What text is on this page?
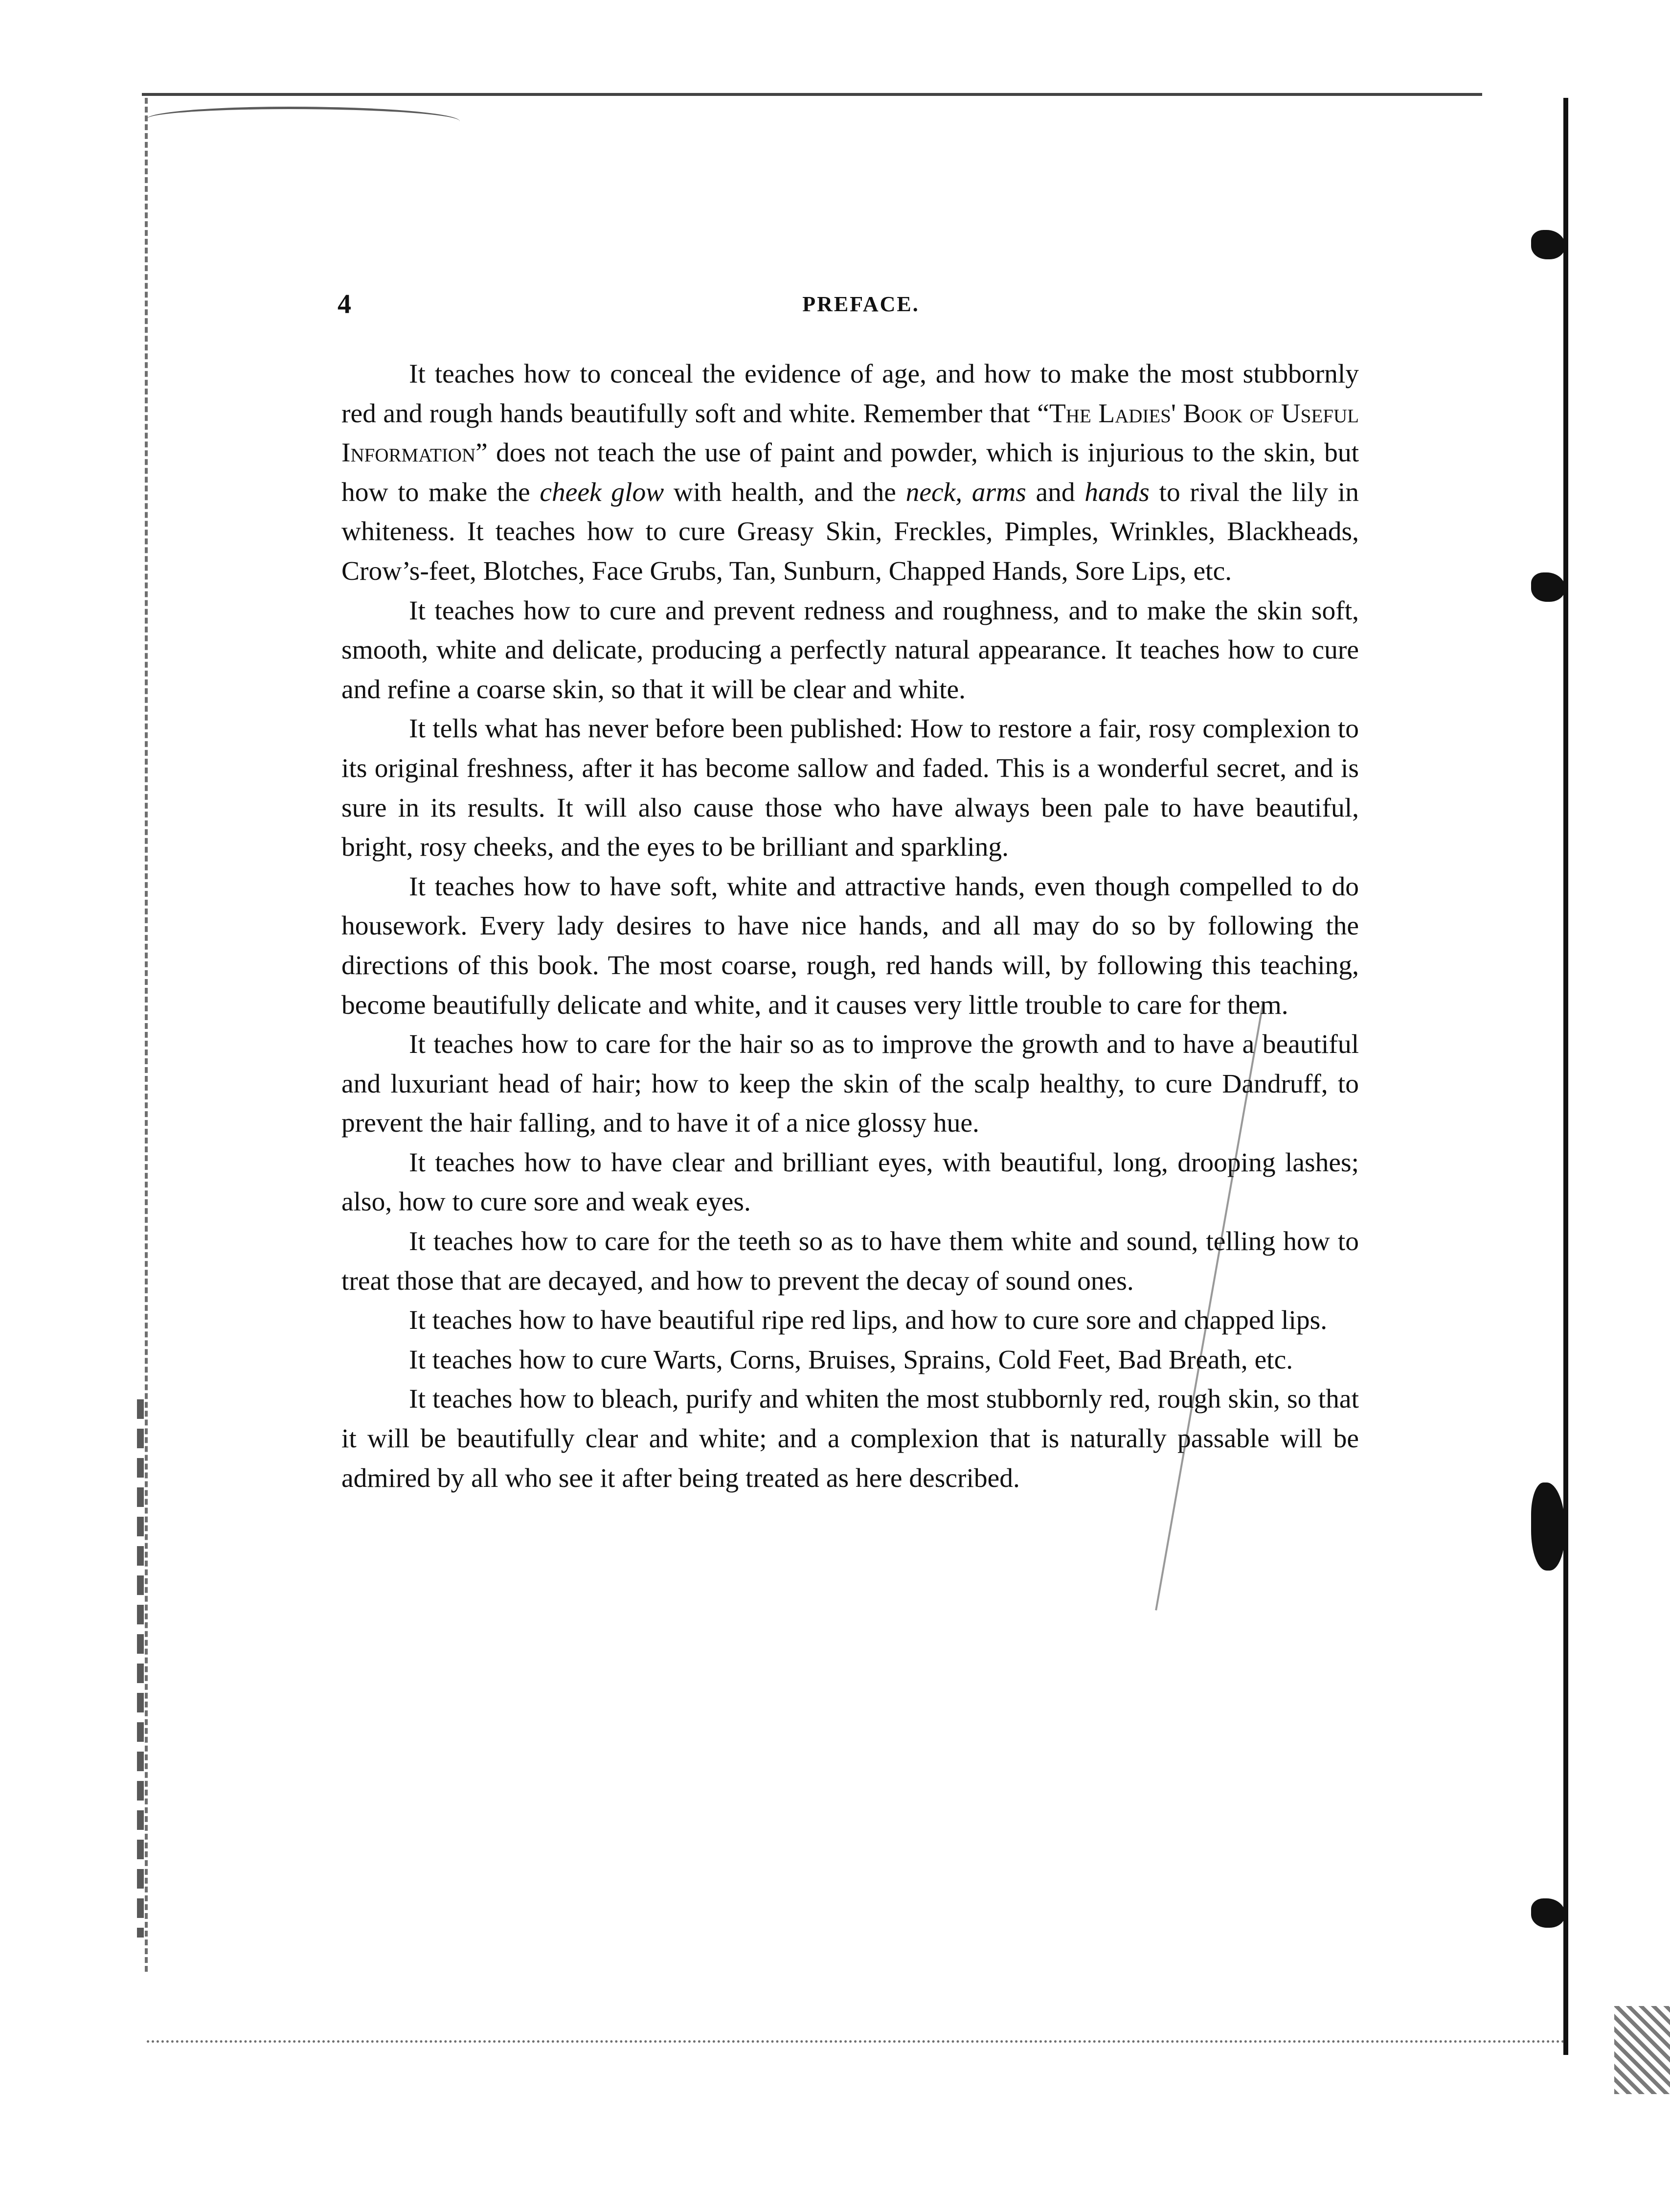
4	PREFACE.

It teaches how to conceal the evidence of age, and how to make the most stubbornly red and rough hands beautifully soft and white. Remember that “The Ladies' Book of Useful Information” does not teach the use of paint and powder, which is injurious to the skin, but how to make the cheek glow with health, and the neck, arms and hands to rival the lily in whiteness. It teaches how to cure Greasy Skin, Freckles, Pimples, Wrinkles, Blackheads, Crow’s-feet, Blotches, Face Grubs, Tan, Sunburn, Chapped Hands, Sore Lips, etc.

It teaches how to cure and prevent redness and roughness, and to make the skin soft, smooth, white and delicate, producing a perfectly natural appearance. It teaches how to cure and refine a coarse skin, so that it will be clear and white.

It tells what has never before been published: How to restore a fair, rosy complexion to its original freshness, after it has become sallow and faded. This is a wonderful secret, and is sure in its results. It will also cause those who have always been pale to have beautiful, bright, rosy cheeks, and the eyes to be brilliant and sparkling.

It teaches how to have soft, white and attractive hands, even though compelled to do housework. Every lady desires to have nice hands, and all may do so by following the directions of this book. The most coarse, rough, red hands will, by following this teaching, become beautifully delicate and white, and it causes very little trouble to care for them.

It teaches how to care for the hair so as to improve the growth and to have a beautiful and luxuriant head of hair; how to keep the skin of the scalp healthy, to cure Dandruff, to prevent the hair falling, and to have it of a nice glossy hue.

It teaches how to have clear and brilliant eyes, with beautiful, long, drooping lashes; also, how to cure sore and weak eyes.

It teaches how to care for the teeth so as to have them white and sound, telling how to treat those that are decayed, and how to prevent the decay of sound ones.

It teaches how to have beautiful ripe red lips, and how to cure sore and chapped lips.

It teaches how to cure Warts, Corns, Bruises, Sprains, Cold Feet, Bad Breath, etc.

It teaches how to bleach, purify and whiten the most stubbornly red, rough skin, so that it will be beautifully clear and white; and a complexion that is naturally passable will be admired by all who see it after being treated as here described.
